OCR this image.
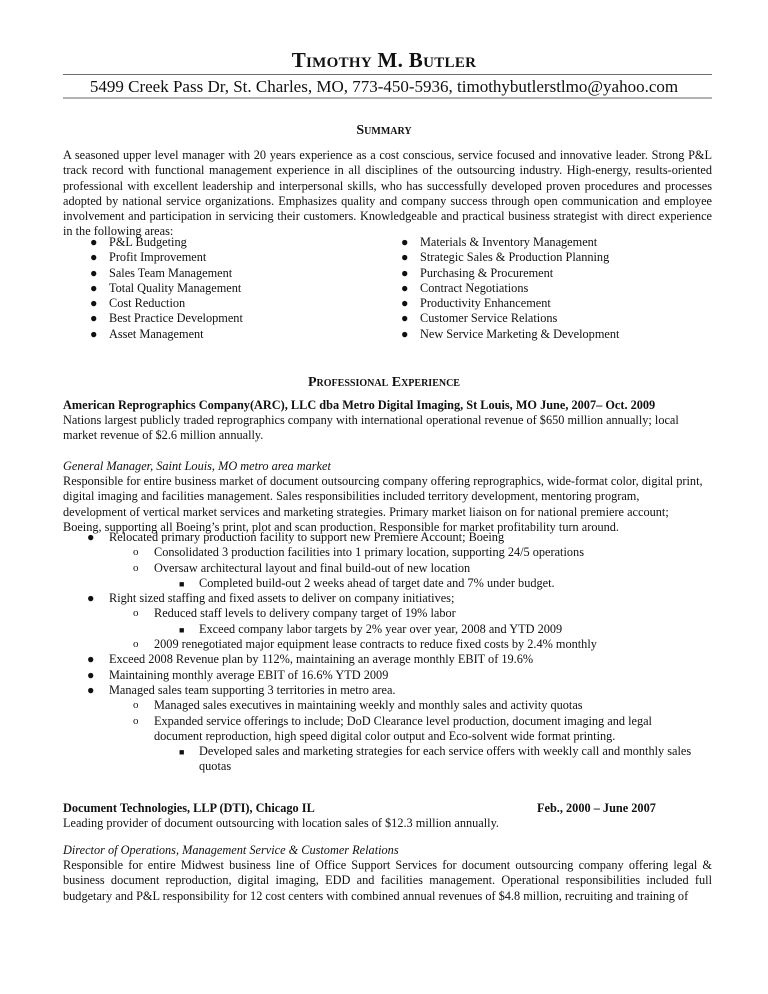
Timothy M. Butler
5499 Creek Pass Dr, St. Charles, MO, 773-450-5936, timothybutlerstlmo@yahoo.com
Summary
A seasoned upper level manager with 20 years experience as a cost conscious, service focused and innovative leader. Strong P&L track record with functional management experience in all disciplines of the outsourcing industry. High-energy, results-oriented professional with excellent leadership and interpersonal skills, who has successfully developed proven procedures and processes adopted by national service organizations. Emphasizes quality and company success through open communication and employee involvement and participation in servicing their customers. Knowledgeable and practical business strategist with direct experience in the following areas:
● P&L Budgeting
● Profit Improvement
● Sales Team Management
● Total Quality Management
● Cost Reduction
● Best Practice Development
● Asset Management
● Materials & Inventory Management
● Strategic Sales & Production Planning
● Purchasing & Procurement
● Contract Negotiations
● Productivity Enhancement
● Customer Service Relations
● New Service Marketing & Development
Professional Experience
American Reprographics Company(ARC), LLC dba Metro Digital Imaging, St Louis, MO June, 2007– Oct. 2009
Nations largest publicly traded reprographics company with international operational revenue of $650 million annually; local market revenue of $2.6 million annually.
General Manager, Saint Louis, MO metro area market
Responsible for entire business market of document outsourcing company offering reprographics, wide-format color, digital print, digital imaging and facilities management. Sales responsibilities included territory development, mentoring program, development of vertical market services and marketing strategies. Primary market liaison on for national premiere account; Boeing, supporting all Boeing’s print, plot and scan production. Responsible for market profitability turn around.
● Relocated primary production facility to support new Premiere Account; Boeing
o Consolidated 3 production facilities into 1 primary location, supporting 24/5 operations
o Oversaw architectural layout and final build-out of new location
■ Completed build-out 2 weeks ahead of target date and 7% under budget.
● Right sized staffing and fixed assets to deliver on company initiatives;
o Reduced staff levels to delivery company target of 19% labor
■ Exceed company labor targets by 2% year over year, 2008 and YTD 2009
o 2009 renegotiated major equipment lease contracts to reduce fixed costs by 2.4% monthly
● Exceed 2008 Revenue plan by 112%, maintaining an average monthly EBIT of 19.6%
● Maintaining monthly average EBIT of 16.6% YTD 2009
● Managed sales team supporting 3 territories in metro area.
o Managed sales executives in maintaining weekly and monthly sales and activity quotas
o Expanded service offerings to include; DoD Clearance level production, document imaging and legal document reproduction, high speed digital color output and Eco-solvent wide format printing.
■ Developed sales and marketing strategies for each service offers with weekly call and monthly sales quotas
Document Technologies, LLP (DTI), Chicago IL	Feb., 2000 – June 2007
Leading provider of document outsourcing with location sales of $12.3 million annually.
Director of Operations, Management Service & Customer Relations
Responsible for entire Midwest business line of Office Support Services for document outsourcing company offering legal & business document reproduction, digital imaging, EDD and facilities management. Operational responsibilities included full budgetary and P&L responsibility for 12 cost centers with combined annual revenues of $4.8 million, recruiting and training of
